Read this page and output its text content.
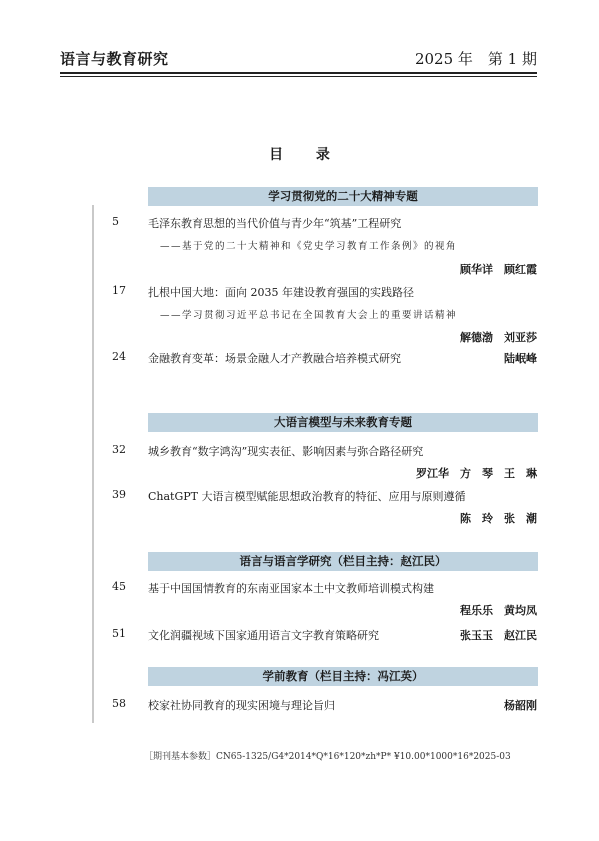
语言与教育研究	2025 年　第 1 期
目 录
学习贯彻党的二十大精神专题
5	毛泽东教育思想的当代价值与青少年“筑基”工程研究
——基于党的二十大精神和《党史学习教育工作条例》的视角
顾华详　顾红霞
17 扎根中国大地：面向 2035 年建设教育强国的实践路径
——学习贯彻习近平总书记在全国教育大会上的重要讲话精神
解德渤　刘亚莎
24 金融教育变革：场景金融人才产教融合培养模式研究	陆岷峰
大语言模型与未来教育专题
32 城乡教育“数字鸿沟”现实表征、影响因素与弥合路径研究
罗江华　方　琴　王　琳
39 ChatGPT 大语言模型赋能思想政治教育的特征、应用与原则遵循
陈　玲　张　潮
语言与语言学研究（栏目主持：赵江民）
45 基于中国国情教育的东南亚国家本土中文教师培训模式构建
程乐乐　黄均凤
51 文化润疆视域下国家通用语言文字教育策略研究	张玉玉　赵江民
学前教育（栏目主持：冯江英）
58 校家社协同教育的现实困境与理论旨归	杨韶刚
［期刊基本参数］CN65-1325/G4*2014*Q*16*120*zh*P* ¥10.00*1000*16*2025-03
